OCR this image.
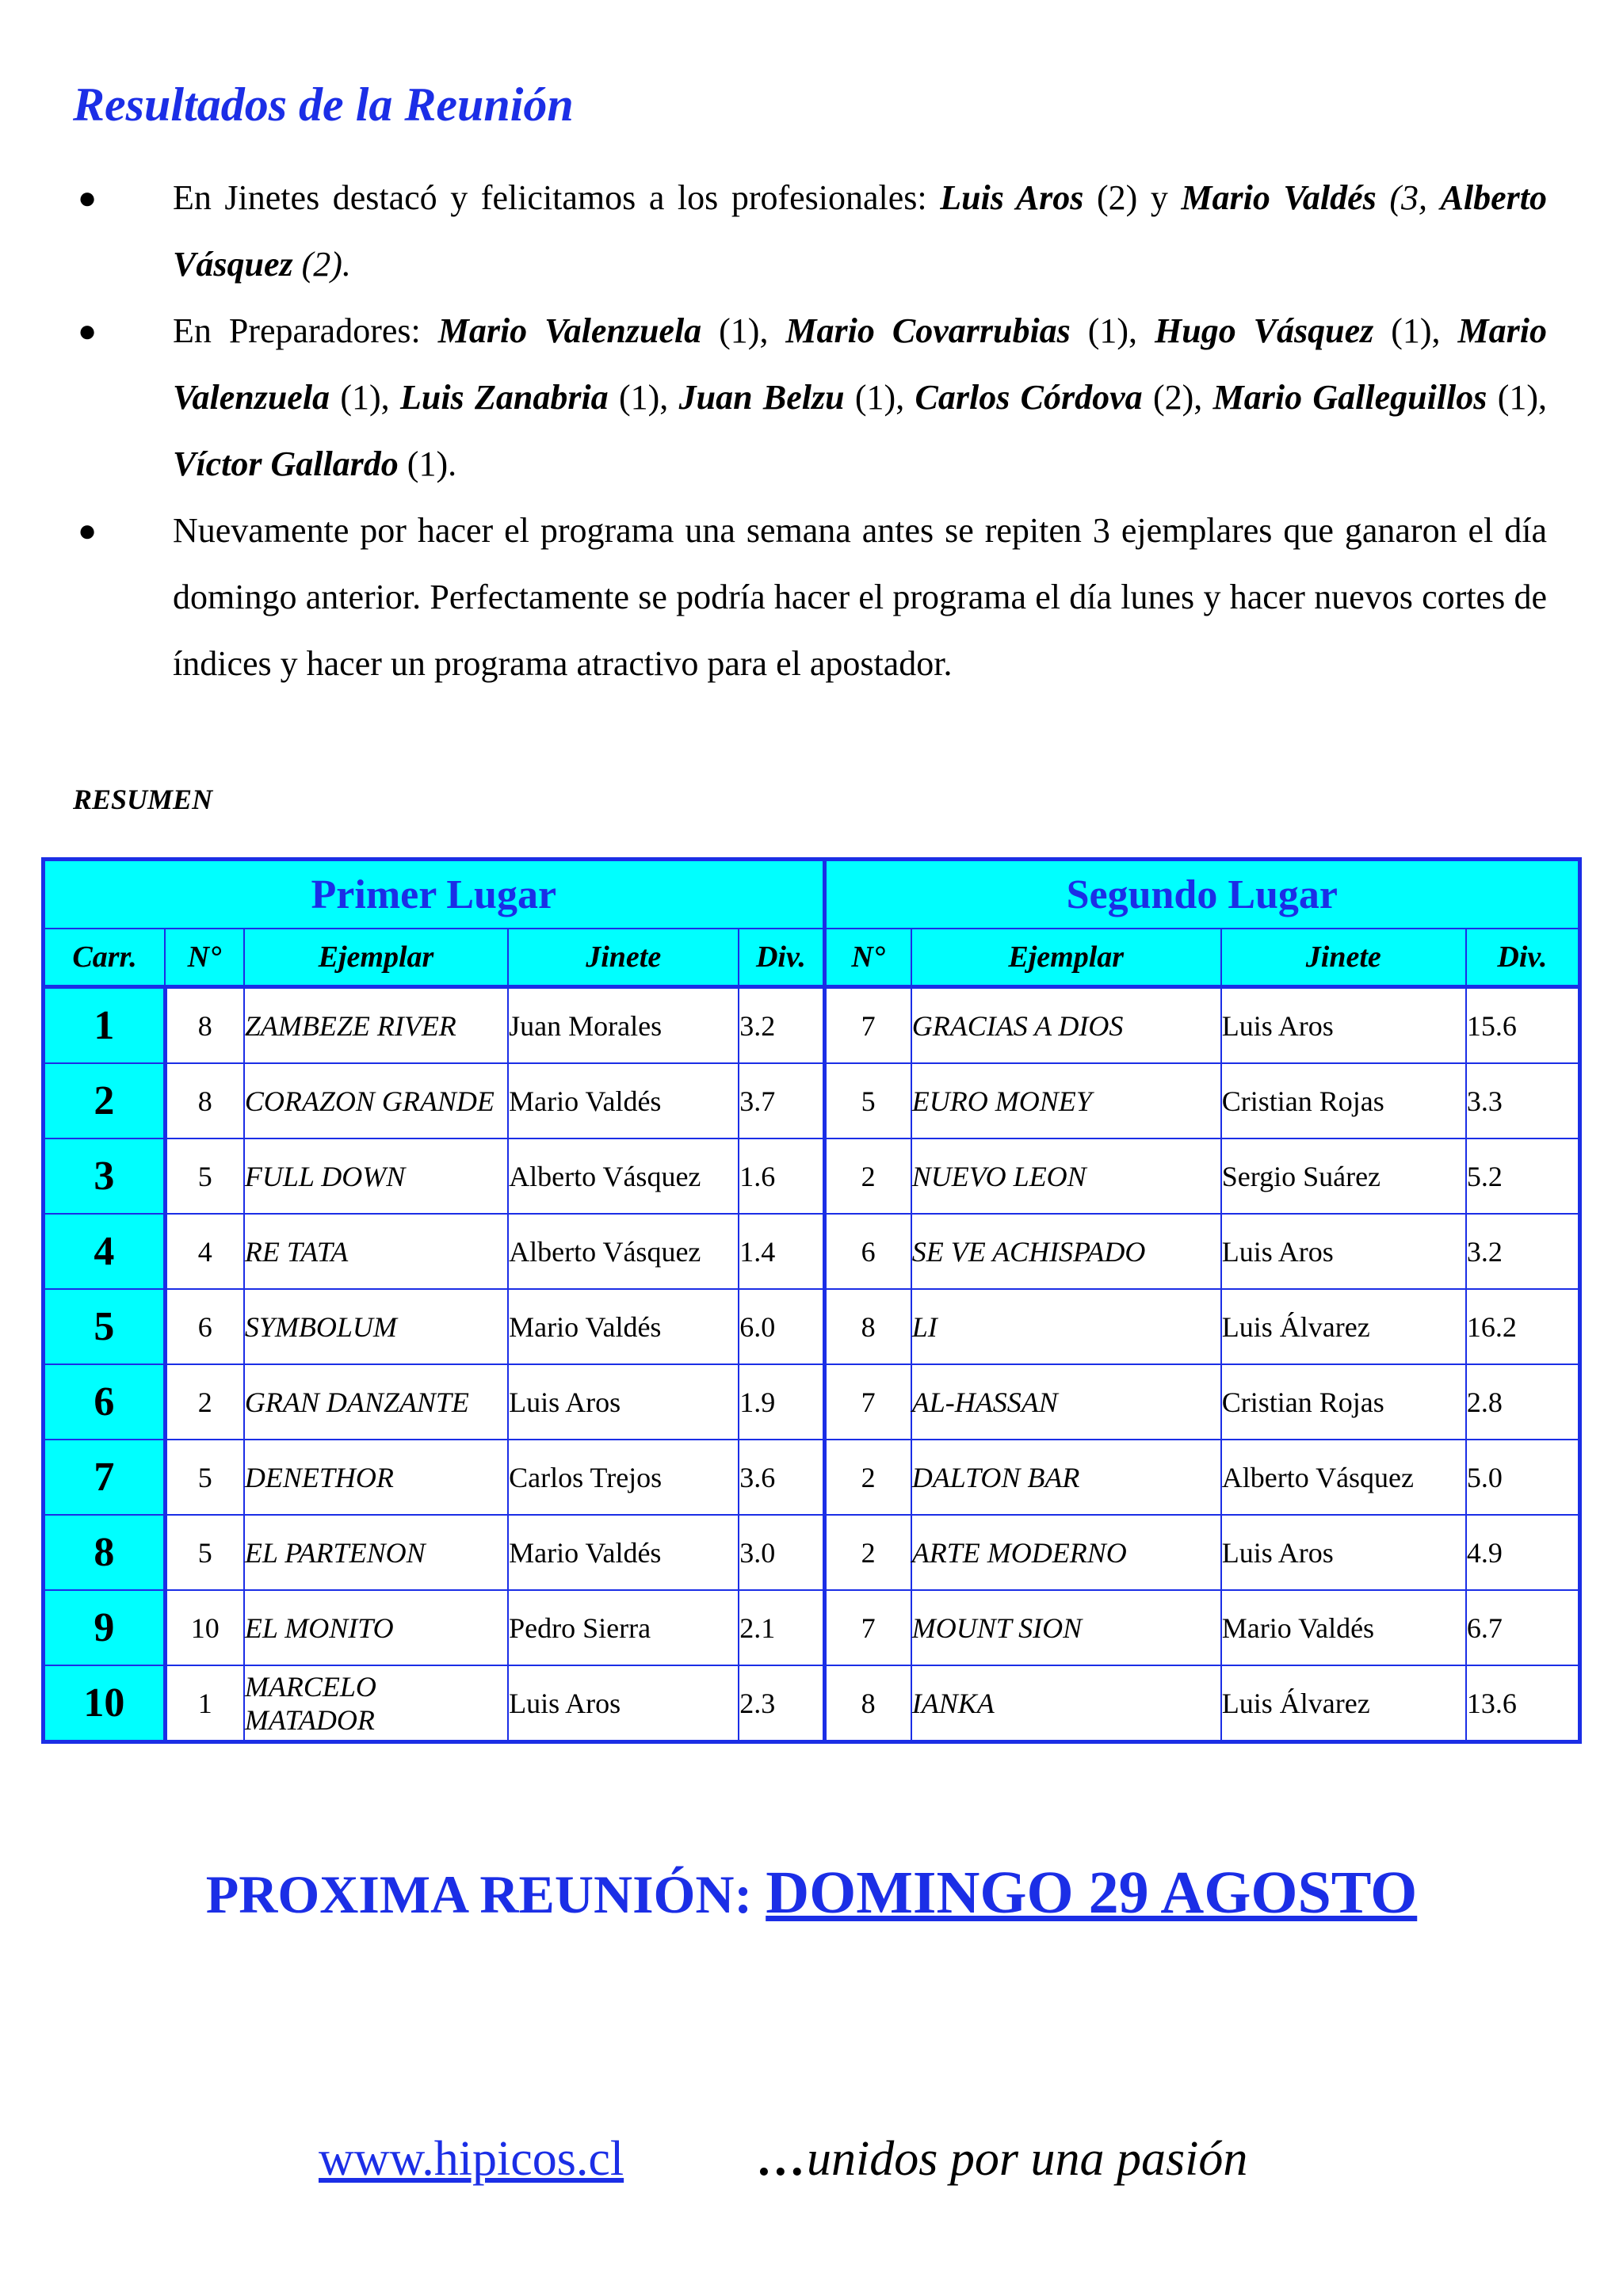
Resultados de la Reunión
● En Jinetes destacó y felicitamos a los profesionales: Luis Aros (2) y Mario Valdés (3, Alberto Vásquez (2).
● En Preparadores: Mario Valenzuela (1), Mario Covarrubias (1), Hugo Vásquez (1), Mario Valenzuela (1), Luis Zanabria (1), Juan Belzu (1), Carlos Córdova (2), Mario Galleguillos (1), Víctor Gallardo (1).
● Nuevamente por hacer el programa una semana antes se repiten 3 ejemplares que ganaron el día domingo anterior. Perfectamente se podría hacer el programa el día lunes y hacer nuevos cortes de índices y hacer un programa atractivo para el apostador.
RESUMEN
Primer Lugar					Segundo Lugar			
Carr.	N°	Ejemplar	Jinete	Div.	N°	Ejemplar	Jinete	Div.
1	8	ZAMBEZE RIVER	Juan Morales	3.2	7	GRACIAS A DIOS	Luis Aros	15.6
2	8	CORAZON GRANDE	Mario Valdés	3.7	5	EURO MONEY	Cristian Rojas	3.3
3	5	FULL DOWN	Alberto Vásquez	1.6	2	NUEVO LEON	Sergio Suárez	5.2
4	4	RE TATA	Alberto Vásquez	1.4	6	SE VE ACHISPADO	Luis Aros	3.2
5	6	SYMBOLUM	Mario Valdés	6.0	8	LI	Luis Álvarez	16.2
6	2	GRAN DANZANTE	Luis Aros	1.9	7	AL-HASSAN	Cristian Rojas	2.8
7	5	DENETHOR	Carlos Trejos	3.6	2	DALTON BAR	Alberto Vásquez	5.0
8	5	EL PARTENON	Mario Valdés	3.0	2	ARTE MODERNO	Luis Aros	4.9
9	10	EL MONITO	Pedro Sierra	2.1	7	MOUNT SION	Mario Valdés	6.7
10	1	MARCELO MATADOR	Luis Aros	2.3	8	IANKA	Luis Álvarez	13.6
PROXIMA REUNIÓN: DOMINGO 29 AGOSTO
www.hipicos.cl	…unidos por una pasión
